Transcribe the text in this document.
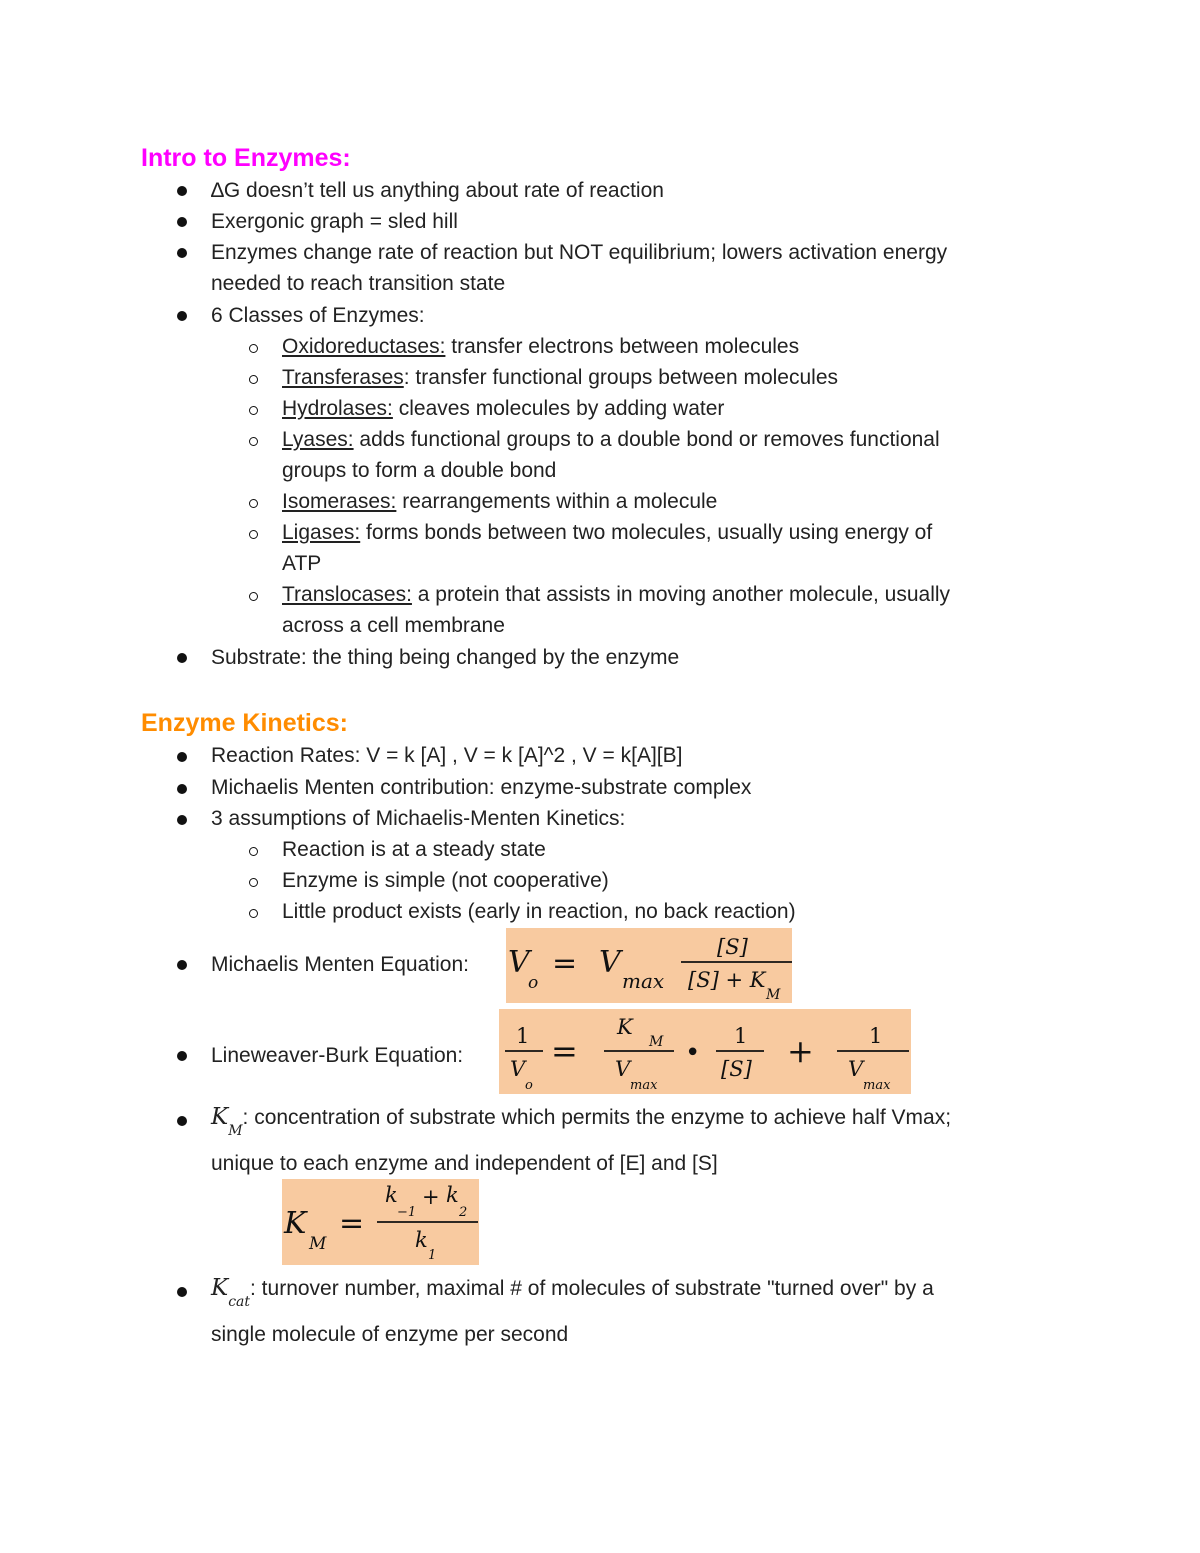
Intro to Enzymes:
∆G doesn’t tell us anything about rate of reaction
Exergonic graph = sled hill
Enzymes change rate of reaction but NOT equilibrium; lowers activation energy
needed to reach transition state
6 Classes of Enzymes:
Oxidoreductases: transfer electrons between molecules
Transferases: transfer functional groups between molecules
Hydrolases: cleaves molecules by adding water
Lyases: adds functional groups to a double bond or removes functional
groups to form a double bond
Isomerases: rearrangements within a molecule
Ligases: forms bonds between two molecules, usually using energy of
ATP
Translocases: a protein that assists in moving another molecule, usually
across a cell membrane
Substrate: the thing being changed by the enzyme
Enzyme Kinetics:
Reaction Rates: V = k [A] , V = k [A]^2 , V = k[A][B]
Michaelis Menten contribution: enzyme-substrate complex
3 assumptions of Michaelis-Menten Kinetics:
Reaction is at a steady state
Enzyme is simple (not cooperative)
Little product exists (early in reaction, no back reaction)
Michaelis Menten Equation: V
o
= V
max
[S]
[S] + K
M
Lineweaver-Burk Equation:
1
V
o
=
K
M
V
max
•
1
[S] +	1
V
max
$K_M$: concentration of substrate which permits the enzyme to achieve half Vmax;
unique to each enzyme and independent of [E] and [S]
K
M
=
k
−1
+ k
2
k
1
$K_{cat}$: turnover number, maximal # of molecules of substrate "turned over" by a
single molecule of enzyme per second
